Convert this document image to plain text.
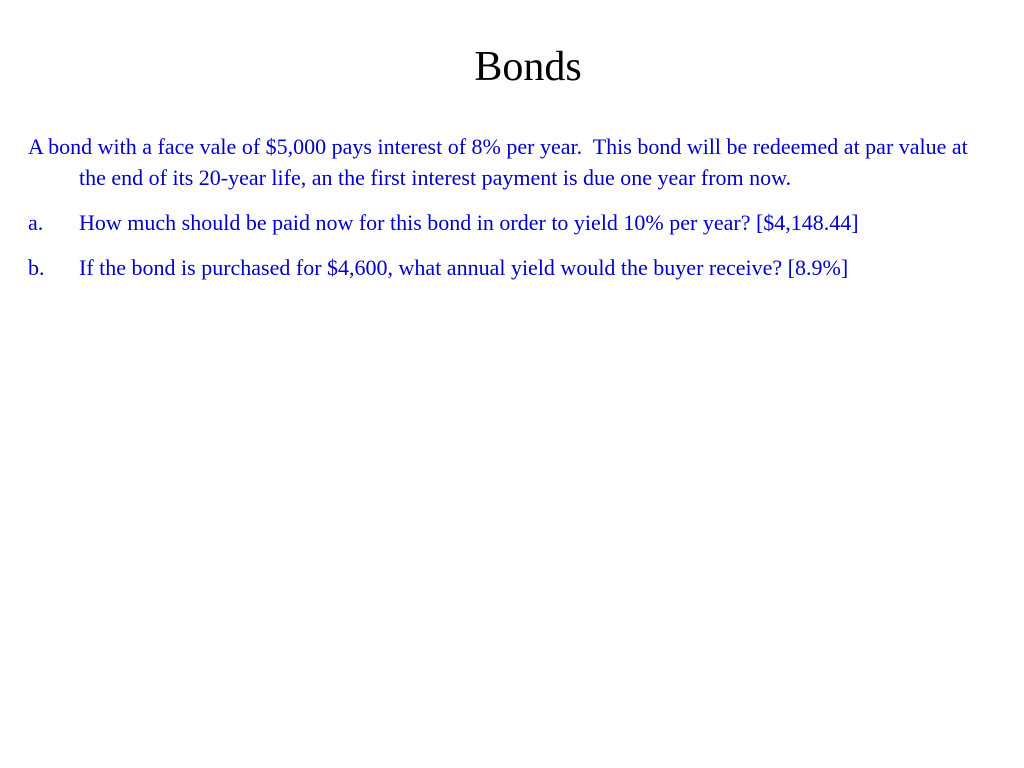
Bonds

A bond with a face vale of $5,000 pays interest of 8% per year.  This bond will be redeemed at par value at the end of its 20-year life, an the first interest payment is due one year from now.

a.	How much should be paid now for this bond in order to yield 10% per year? [$4,148.44]
b.	If the bond is purchased for $4,600, what annual yield would the buyer receive? [8.9%]
